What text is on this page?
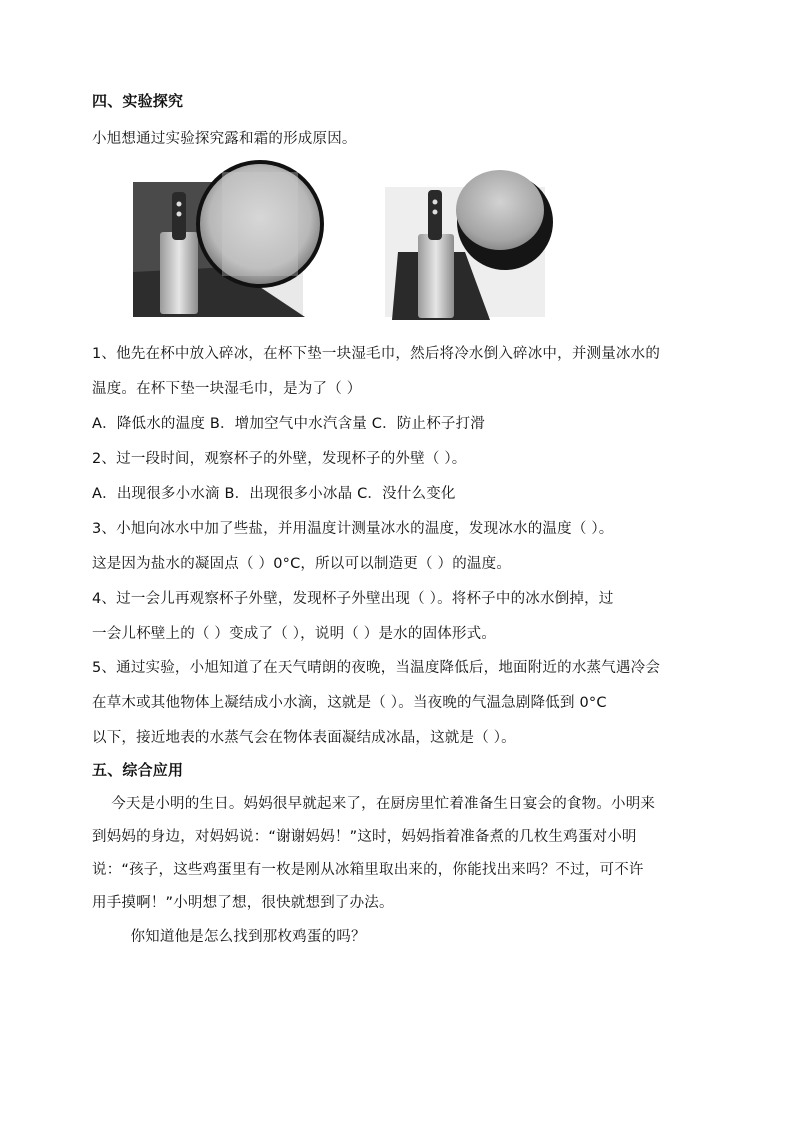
四、实验探究
小旭想通过实验探究露和霜的形成原因。
1、他先在杯中放入碎冰，在杯下垫一块湿毛巾，然后将冷水倒入碎冰中，并测量冰水的
温度。在杯下垫一块湿毛巾，是为了（ ）
A．降低水的温度 B．增加空气中水汽含量 C．防止杯子打滑
2、过一段时间，观察杯子的外壁，发现杯子的外壁（ ）。
A．出现很多小水滴 B．出现很多小冰晶 C．没什么变化
3、小旭向冰水中加了些盐，并用温度计测量冰水的温度，发现冰水的温度（ ）。
这是因为盐水的凝固点（ ）0°C，所以可以制造更（ ）的温度。
4、过一会儿再观察杯子外壁，发现杯子外壁出现（ ）。将杯子中的冰水倒掉，过
一会儿杯壁上的（ ）变成了（ ），说明（ ）是水的固体形式。
5、通过实验，小旭知道了在天气晴朗的夜晚，当温度降低后，地面附近的水蒸气遇冷会
在草木或其他物体上凝结成小水滴，这就是（ ）。当夜晚的气温急剧降低到 0°C
以下，接近地表的水蒸气会在物体表面凝结成冰晶，这就是（ ）。
五、综合应用
今天是小明的生日。妈妈很早就起来了，在厨房里忙着准备生日宴会的食物。小明来
到妈妈的身边，对妈妈说：“谢谢妈妈！”这时，妈妈指着准备煮的几枚生鸡蛋对小明
说：“孩子，这些鸡蛋里有一枚是刚从冰箱里取出来的，你能找出来吗？不过，可不许
用手摸啊！”小明想了想，很快就想到了办法。
你知道他是怎么找到那枚鸡蛋的吗？
